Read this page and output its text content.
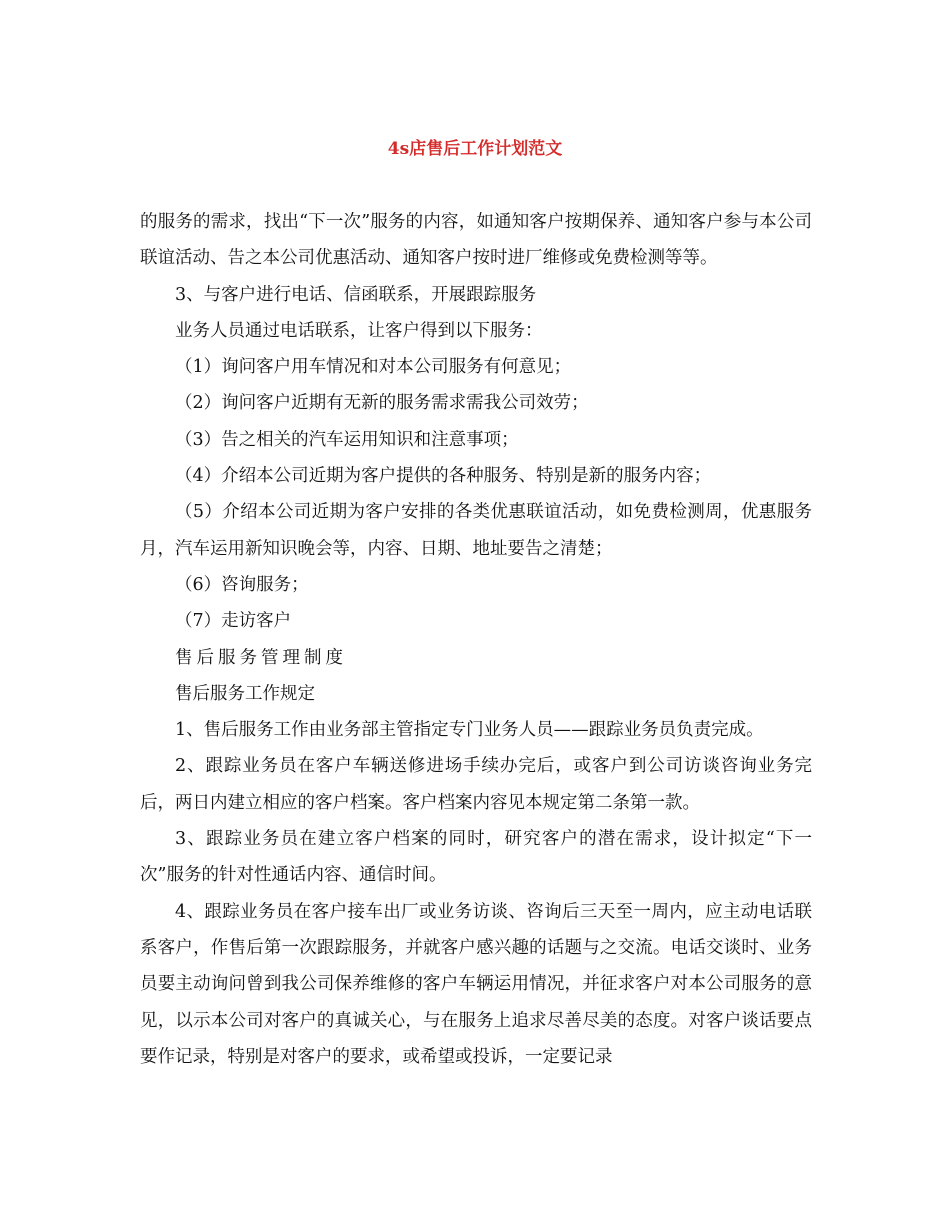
4s店售后工作计划范文

的服务的需求，找出“下一次”服务的内容，如通知客户按期保养、通知客户参与本公司联谊活动、告之本公司优惠活动、通知客户按时进厂维修或免费检测等等。

3、与客户进行电话、信函联系，开展跟踪服务

业务人员通过电话联系，让客户得到以下服务：

（1）询问客户用车情况和对本公司服务有何意见；

（2）询问客户近期有无新的服务需求需我公司效劳；

（3）告之相关的汽车运用知识和注意事项；

（4）介绍本公司近期为客户提供的各种服务、特别是新的服务内容；

（5）介绍本公司近期为客户安排的各类优惠联谊活动，如免费检测周，优惠服务月，汽车运用新知识晚会等，内容、日期、地址要告之清楚；

（6）咨询服务；

（7）走访客户

售后服务管理制度

售后服务工作规定

1、售后服务工作由业务部主管指定专门业务人员——跟踪业务员负责完成。

2、跟踪业务员在客户车辆送修进场手续办完后，或客户到公司访谈咨询业务完后，两日内建立相应的客户档案。客户档案内容见本规定第二条第一款。

3、跟踪业务员在建立客户档案的同时，研究客户的潜在需求，设计拟定“下一次”服务的针对性通话内容、通信时间。

4、跟踪业务员在客户接车出厂或业务访谈、咨询后三天至一周内，应主动电话联系客户，作售后第一次跟踪服务，并就客户感兴趣的话题与之交流。电话交谈时、业务员要主动询问曾到我公司保养维修的客户车辆运用情况，并征求客户对本公司服务的意见，以示本公司对客户的真诚关心，与在服务上追求尽善尽美的态度。对客户谈话要点要作记录，特别是对客户的要求，或希望或投诉，一定要记录
